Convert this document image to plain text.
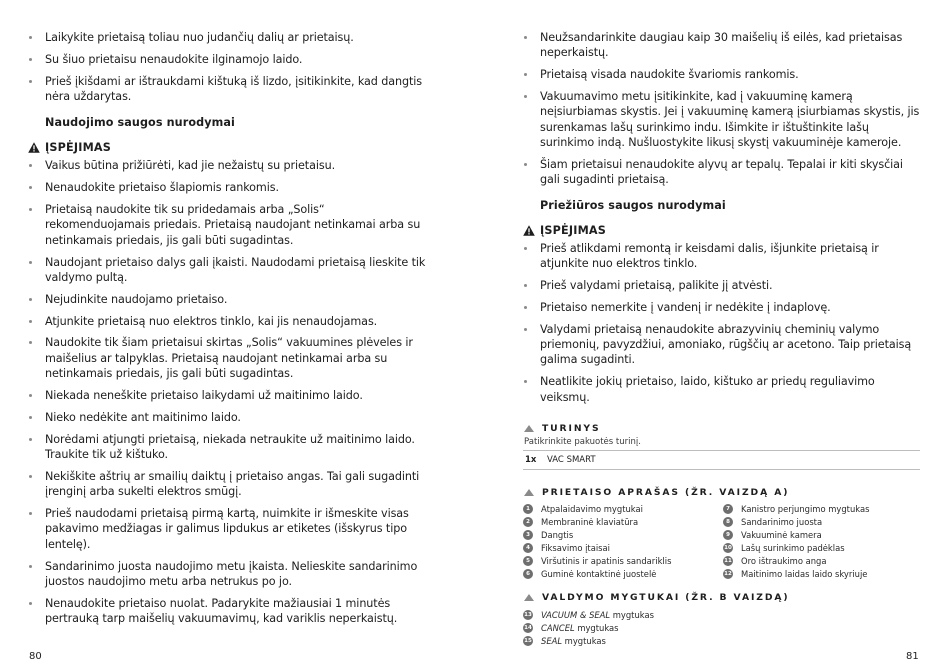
Laikykite prietaisą toliau nuo judančių dalių ar prietaisų.
Su šiuo prietaisu nenaudokite ilginamojo laido.
Prieš įkišdami ar ištraukdami kištuką iš lizdo, įsitikinkite, kad dangtis nėra uždarytas.
Naudojimo saugos nurodymai
ĮSPĖJIMAS
Vaikus būtina prižiūrėti, kad jie nežaistų su prietaisu.
Nenaudokite prietaiso šlapiomis rankomis.
Prietaisą naudokite tik su pridedamais arba „Solis“ rekomenduojamais priedais. Prietaisą naudojant netinkamai arba su netinkamais priedais, jis gali būti sugadintas.
Naudojant prietaiso dalys gali įkaisti. Naudodami prietaisą lieskite tik valdymo pultą.
Nejudinkite naudojamo prietaiso.
Atjunkite prietaisą nuo elektros tinklo, kai jis nenaudojamas.
Naudokite tik šiam prietaisui skirtas „Solis“ vakuumines plėveles ir maišelius ar talpyklas. Prietaisą naudojant netinkamai arba su netinkamais priedais, jis gali būti sugadintas.
Niekada neneškite prietaiso laikydami už maitinimo laido.
Nieko nedėkite ant maitinimo laido.
Norėdami atjungti prietaisą, niekada netraukite už maitinimo laido. Traukite tik už kištuko.
Nekiškite aštrių ar smailių daiktų į prietaiso angas. Tai gali sugadinti įrenginį arba sukelti elektros smūgį.
Prieš naudodami prietaisą pirmą kartą, nuimkite ir išmeskite visas pakavimo medžiagas ir galimus lipdukus ar etiketes (išskyrus tipo lentelę).
Sandarinimo juosta naudojimo metu įkaista. Nelieskite sandarinimo juostos naudojimo metu arba netrukus po jo.
Nenaudokite prietaiso nuolat. Padarykite mažiausiai 1 minutės pertrauką tarp maišelių vakuumavimų, kad variklis neperkaistų.
Neužsandarinkite daugiau kaip 30 maišelių iš eilės, kad prietaisas neperkaistų.
Prietaisą visada naudokite švariomis rankomis.
Vakuumavimo metu įsitikinkite, kad į vakuuminę kamerą neįsiurbiamas skystis. Jei į vakuuminę kamerą įsiurbiamas skystis, jis surenkamas lašų surinkimo indu. Išimkite ir ištuštinkite lašų surinkimo indą. Nušluostykite likusį skystį vakuuminėje kameroje.
Šiam prietaisui nenaudokite alyvų ar tepalų. Tepalai ir kiti skysčiai gali sugadinti prietaisą.
Priežiūros saugos nurodymai
ĮSPĖJIMAS
Prieš atlikdami remontą ir keisdami dalis, išjunkite prietaisą ir atjunkite nuo elektros tinklo.
Prieš valydami prietaisą, palikite jį atvėsti.
Prietaiso nemerkite į vandenį ir nedėkite į indaplovę.
Valydami prietaisą nenaudokite abrazyvinių cheminių valymo priemonių, pavyzdžiui, amoniako, rūgščių ar acetono. Taip prietaisą galima sugadinti.
Neatlikite jokių prietaiso, laido, kištuko ar priedų reguliavimo veiksmų.
TURINYS
Patikrinkite pakuotės turinį.
1x	VAC SMART
PRIETAISO APRAŠAS (ŽR. VAIZDĄ A)
1	Atpalaidavimo mygtukai	7	Kanistro perjungimo mygtukas
2	Membraninė klaviatūra	8	Sandarinimo juosta
3	Dangtis	9	Vakuuminė kamera
4	Fiksavimo įtaisai	10 Lašų surinkimo padėklas
5	Viršutinis ir apatinis sandariklis	11 Oro ištraukimo anga
6	Guminė kontaktinė juostelė	12 Maitinimo laidas laido skyriuje
VALDYMO MYGTUKAI (ŽR. B VAIZDĄ)
13 VACUUM & SEAL mygtukas
14 CANCEL mygtukas
15 SEAL mygtukas
80	81
